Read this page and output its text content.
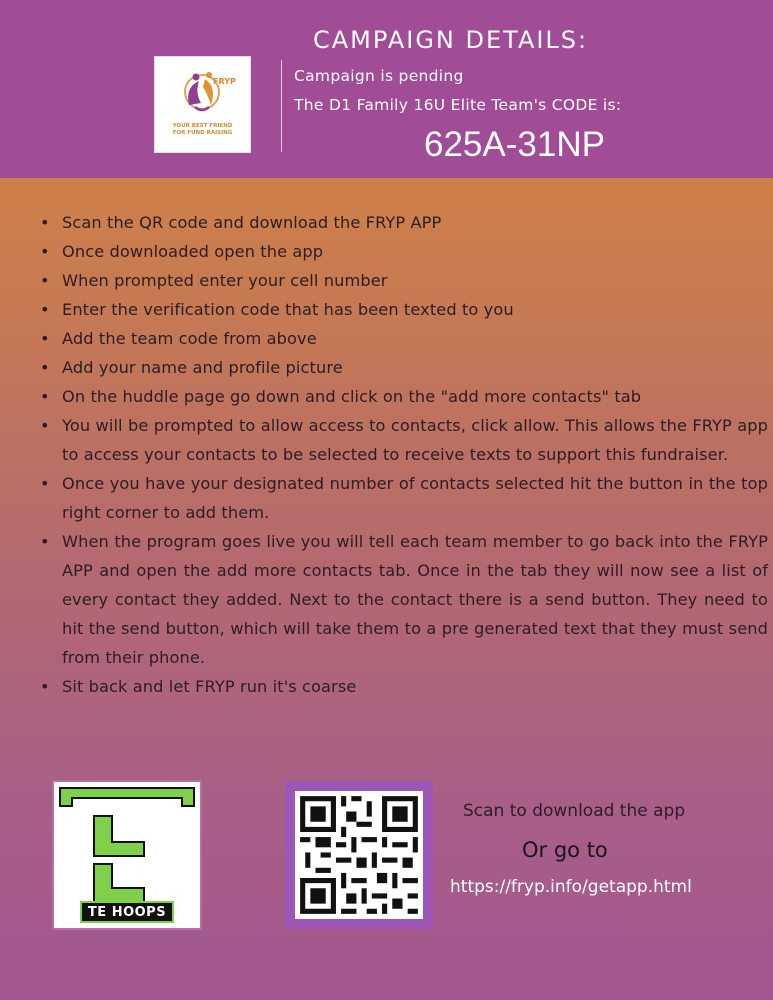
FRYP
YOUR BEST FRIEND
FOR FUND RAISING
CAMPAIGN DETAILS:
Campaign is pending
The D1 Family 16U Elite Team's CODE is:
625A-31NP
• Scan the QR code and download the FRYP APP
• Once downloaded open the app
• When prompted enter your cell number
• Enter the verification code that has been texted to you
• Add the team code from above
• Add your name and profile picture
• On the huddle page go down and click on the "add more contacts" tab
• You will be prompted to allow access to contacts, click allow. This allows the FRYP app to access your contacts to be selected to receive texts to support this fundraiser.
• Once you have your designated number of contacts selected hit the button in the top right corner to add them.
• When the program goes live you will tell each team member to go back into the FRYP APP and open the add more contacts tab. Once in the tab they will now see a list of every contact they added. Next to the contact there is a send button. They need to hit the send button, which will take them to a pre generated text that they must send from their phone.
• Sit back and let FRYP run it's coarse
TE HOOPS
Scan to download the app
Or go to
https://fryp.info/getapp.html
